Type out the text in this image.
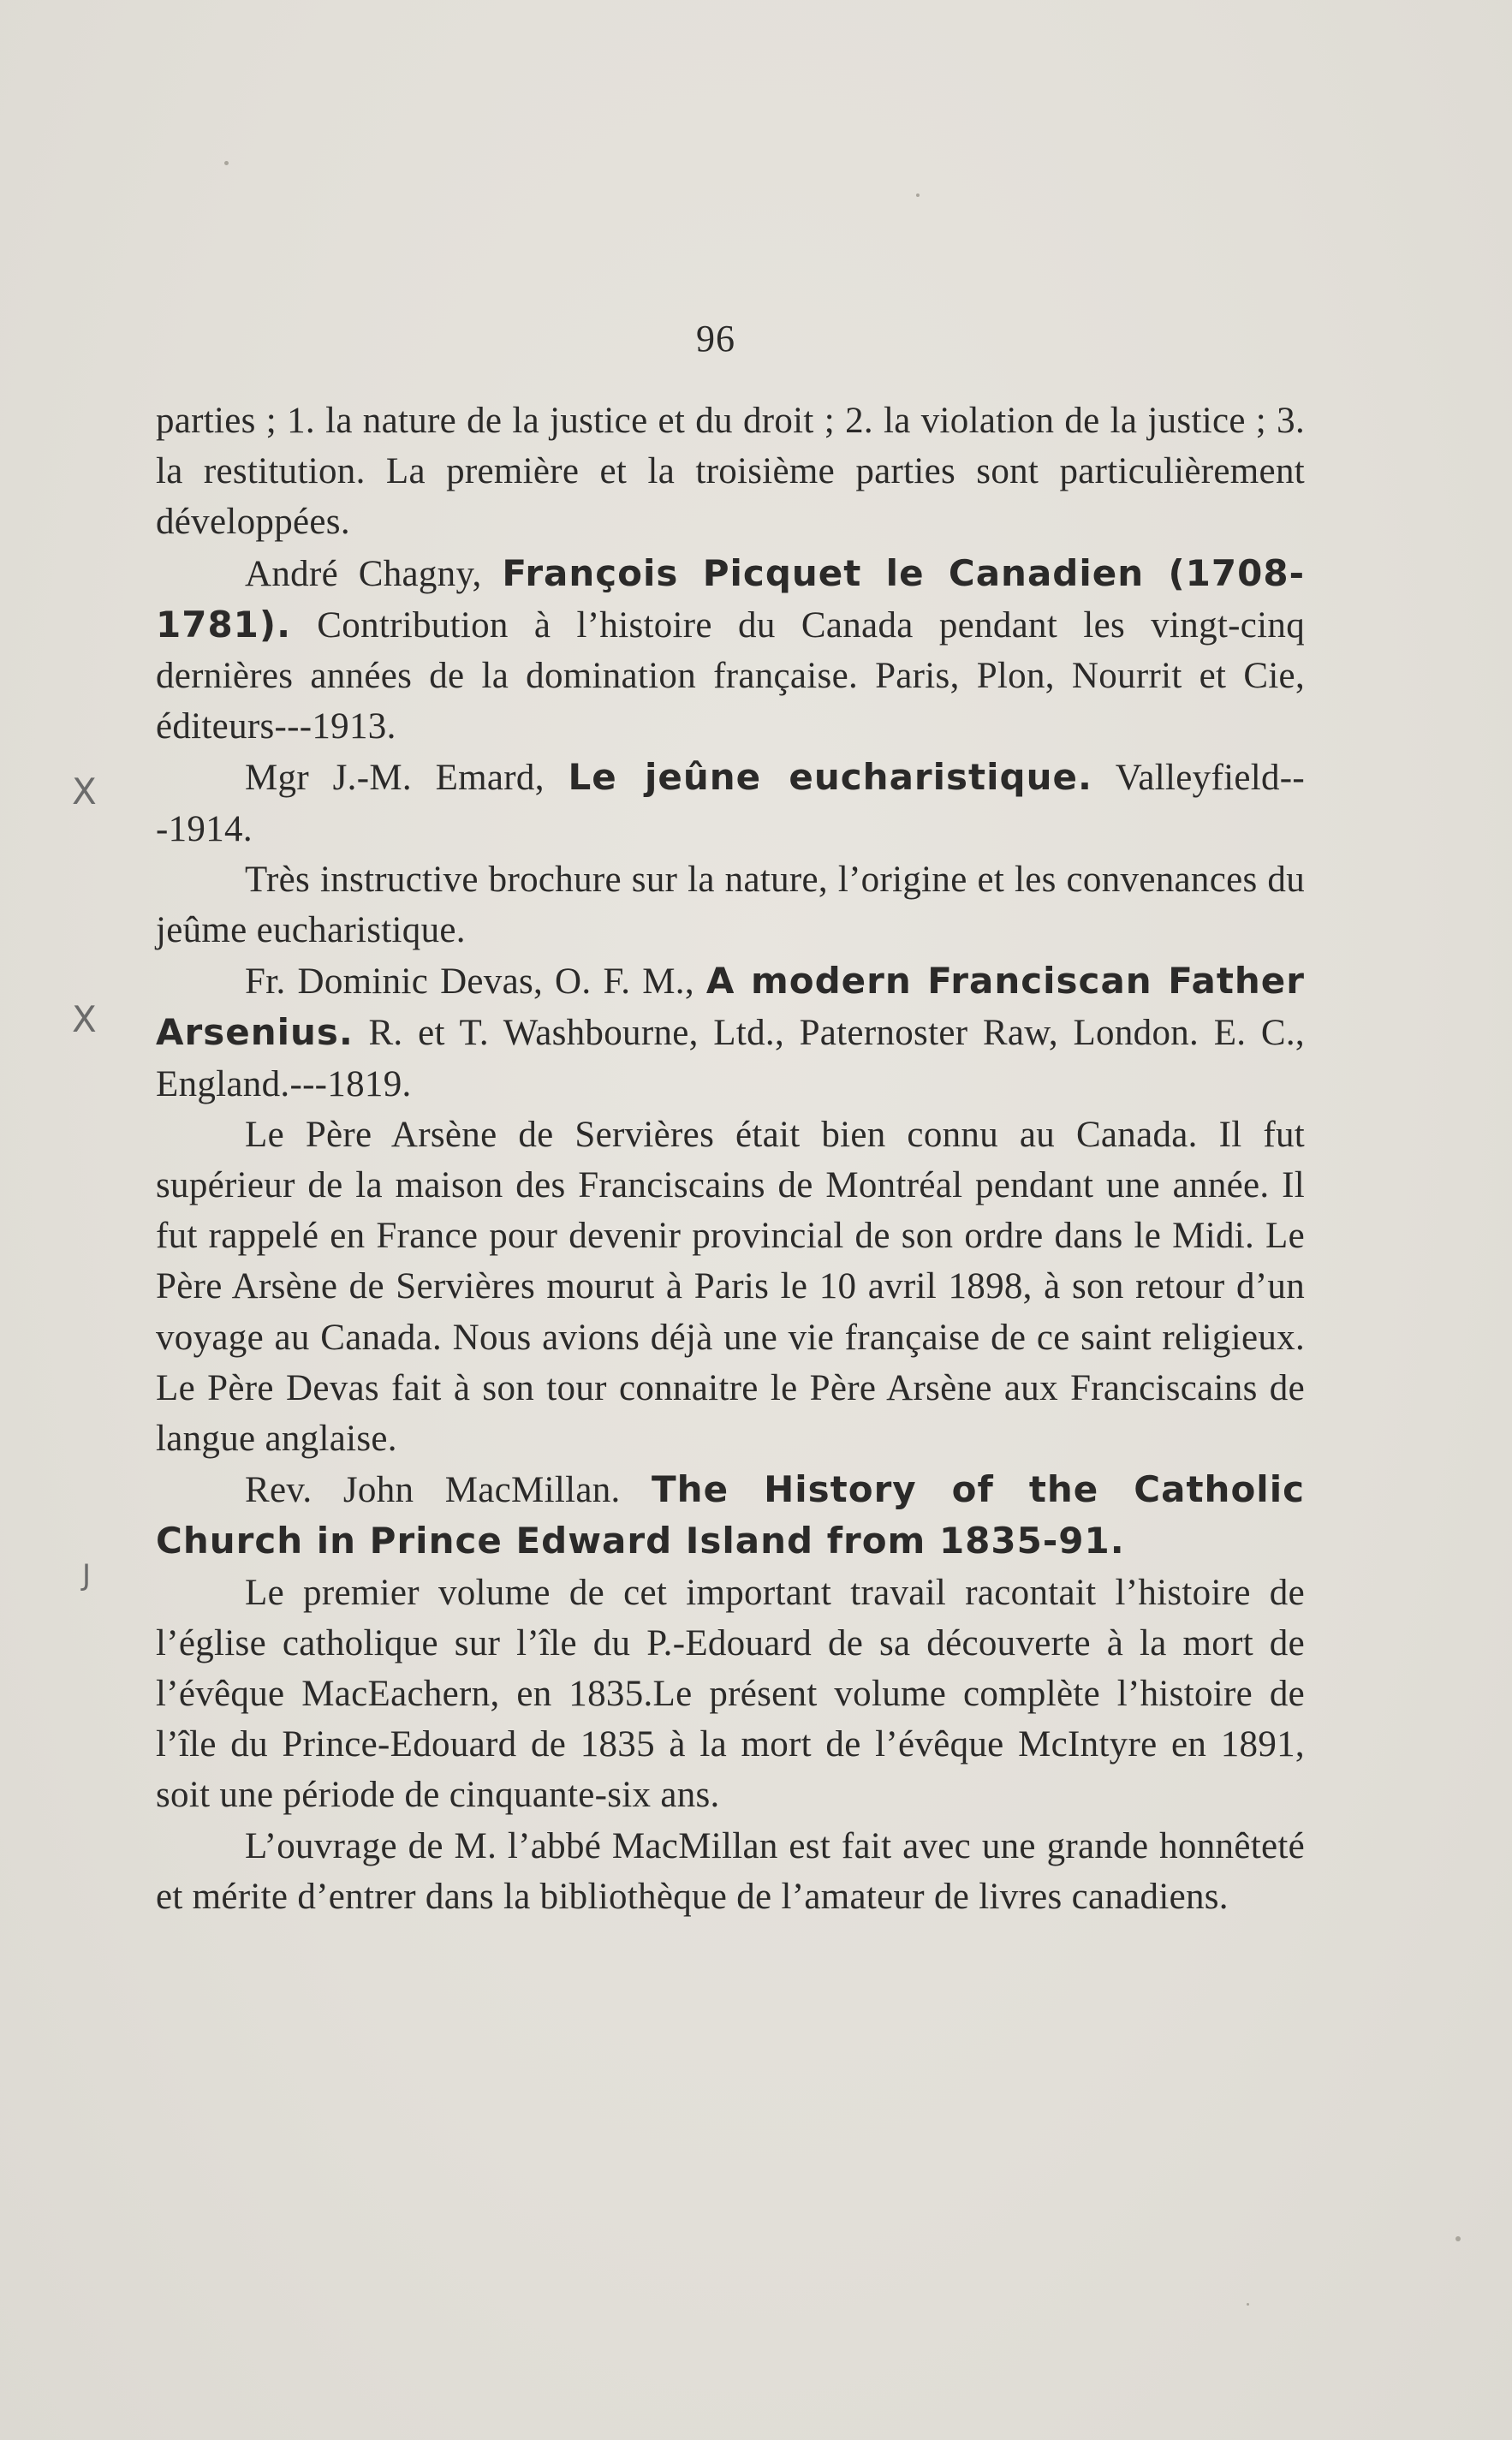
96
X
X
J

parties ; 1. la nature de la justice et du droit ; 2. la violation de la justice ; 3. la restitution. La première et la troisième parties sont particulièrement développées.

André Chagny, François Picquet le Canadien (1708-1781). Contribution à l’histoire du Canada pendant les vingt-cinq dernières années de la domination française. Paris, Plon, Nourrit et Cie, éditeurs---1913.

Mgr J.-M. Emard, Le jeûne eucharistique. Valleyfield---1914.

Très instructive brochure sur la nature, l’origine et les convenances du jeûme eucharistique.

Fr. Dominic Devas, O. F. M., A modern Franciscan Father Arsenius. R. et T. Washbourne, Ltd., Paternoster Raw, London. E. C., England.---1819.

Le Père Arsène de Servières était bien connu au Canada. Il fut supérieur de la maison des Franciscains de Montréal pendant une année. Il fut rappelé en France pour devenir provincial de son ordre dans le Midi. Le Père Arsène de Servières mourut à Paris le 10 avril 1898, à son retour d’un voyage au Canada. Nous avions déjà une vie française de ce saint religieux. Le Père Devas fait à son tour connaitre le Père Arsène aux Franciscains de langue anglaise.

Rev. John MacMillan. The History of the Catholic Church in Prince Edward Island from 1835-91.

Le premier volume de cet important travail racontait l’histoire de l’église catholique sur l’île du P.-Edouard de sa découverte à la mort de l’évêque MacEachern, en 1835.Le présent volume complète l’histoire de l’île du Prince-Edouard de 1835 à la mort de l’évêque McIntyre en 1891, soit une période de cinquante-six ans.

L’ouvrage de M. l’abbé MacMillan est fait avec une grande honnêteté et mérite d’entrer dans la bibliothèque de l’amateur de livres canadiens.
